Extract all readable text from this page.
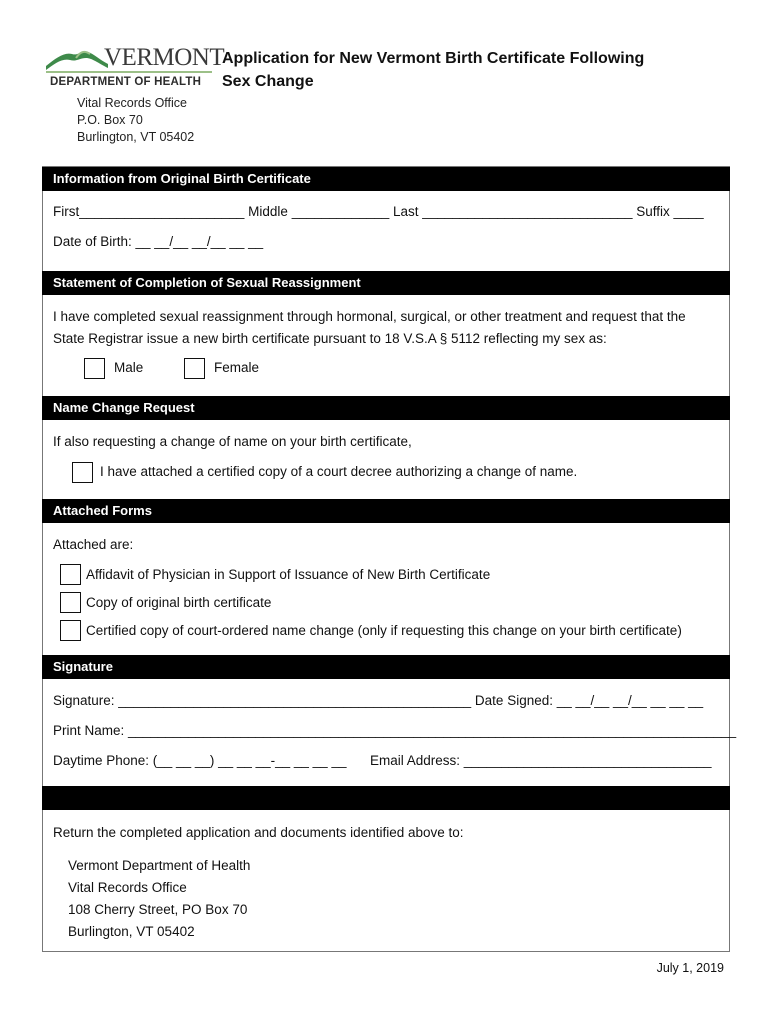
VERMONT
DEPARTMENT OF HEALTH
Vital Records Office
P.O. Box 70
Burlington, VT 05402
Application for New Vermont Birth Certificate Following
Sex Change
Information from Original Birth Certificate
First______________________ Middle _____________ Last ____________________________ Suffix ____
Date of Birth: __ __/__ __/__ __ __
Statement of Completion of Sexual Reassignment
I have completed sexual reassignment through hormonal, surgical, or other treatment and request that the
State Registrar issue a new birth certificate pursuant to 18 V.S.A § 5112 reflecting my sex as:
Male	Female
Name Change Request
If also requesting a change of name on your birth certificate,
I have attached a certified copy of a court decree authorizing a change of name.
Attached Forms
Attached are:
Affidavit of Physician in Support of Issuance of New Birth Certificate
Copy of original birth certificate
Certified copy of court-ordered name change (only if requesting this change on your birth certificate)
Signature
Signature: _______________________________________________ Date Signed: __ __/__ __/__ __ __ __
Print Name: _________________________________________________________________________________
Daytime Phone: (__ __ __) __ __ __-__ __ __ __ Email Address: _________________________________
Return the completed application and documents identified above to:
Vermont Department of Health
Vital Records Office
108 Cherry Street, PO Box 70
Burlington, VT 05402
July 1, 2019
